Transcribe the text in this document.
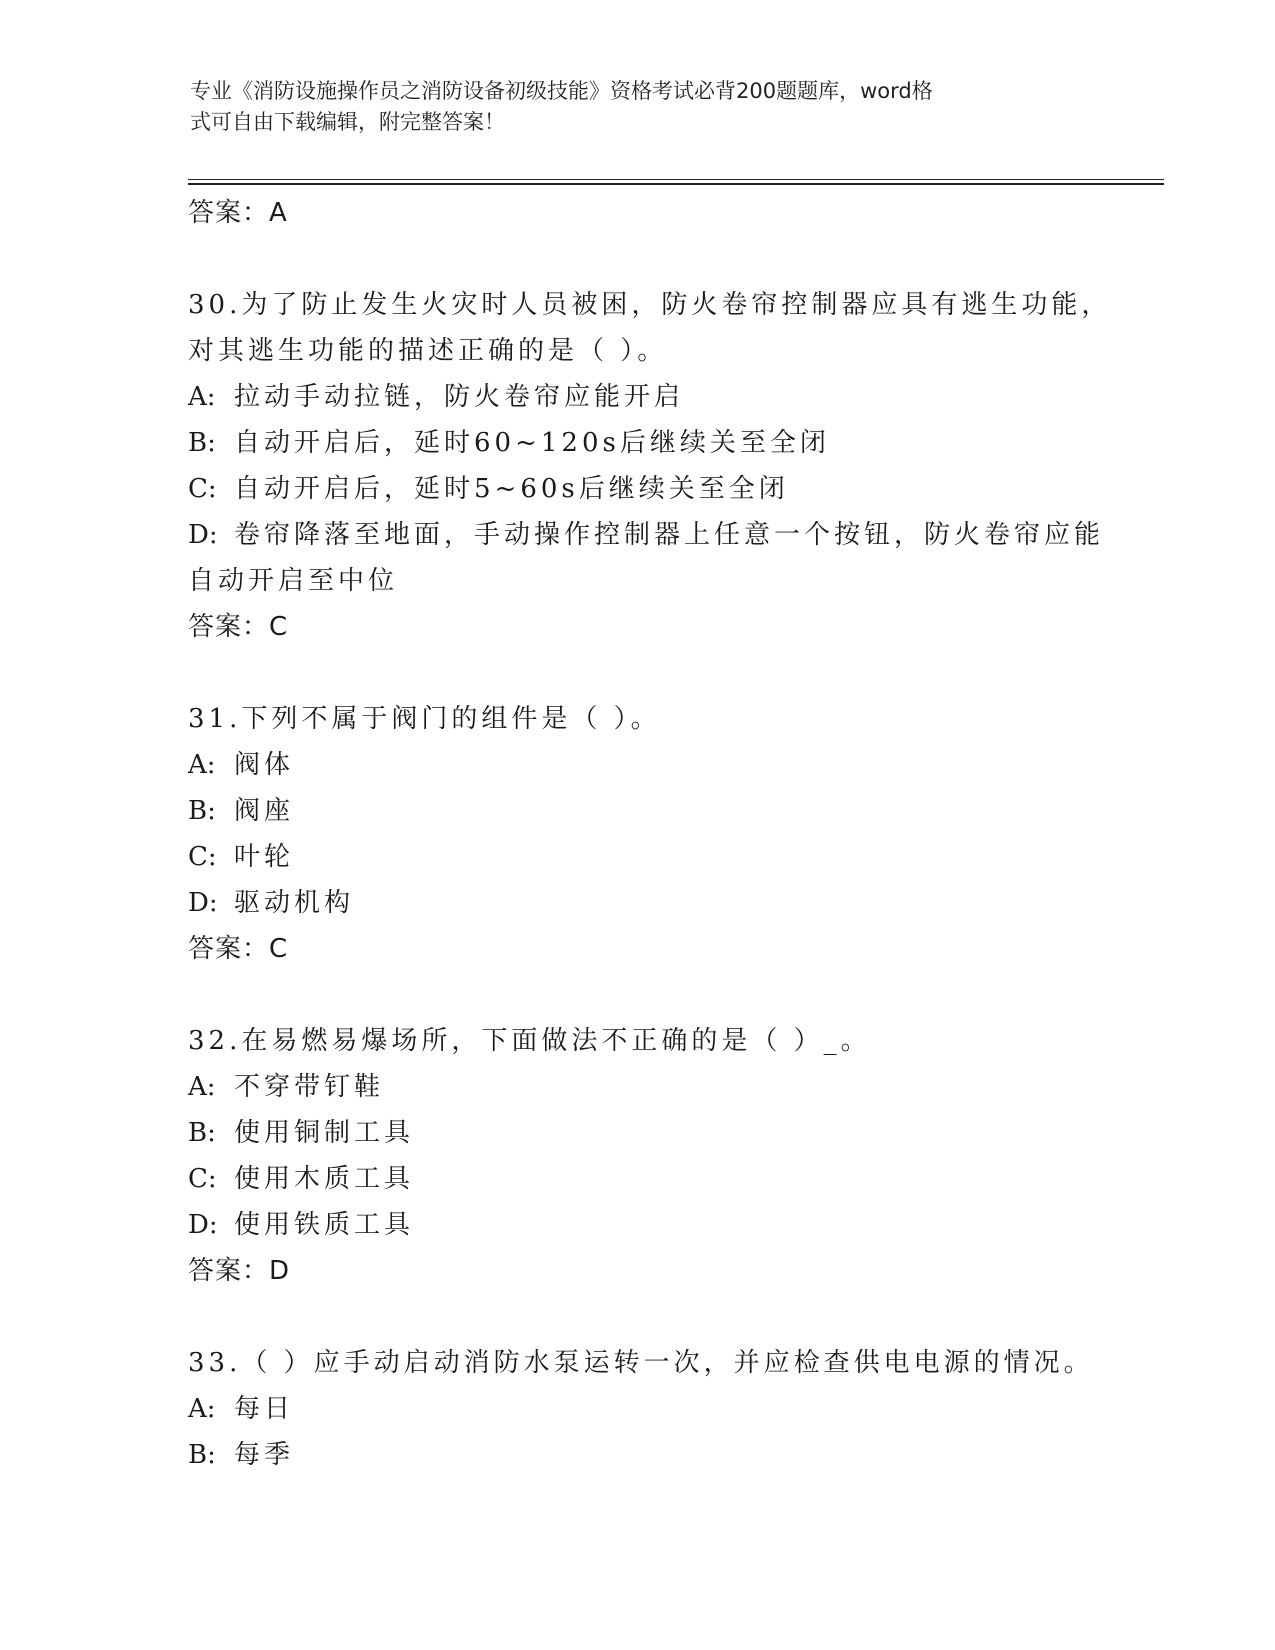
专业《消防设施操作员之消防设备初级技能》资格考试必背200题题库，word格
式可自由下载编辑，附完整答案！
答案：A
30.为了防止发生火灾时人员被困，防火卷帘控制器应具有逃生功能，
对其逃生功能的描述正确的是（ ）。
A: 拉动手动拉链，防火卷帘应能开启
B: 自动开启后，延时60~120s后继续关至全闭
C: 自动开启后，延时5~60s后继续关至全闭
D: 卷帘降落至地面，手动操作控制器上任意一个按钮，防火卷帘应能
自动开启至中位
答案：C
31.下列不属于阀门的组件是（ ）。
A: 阀体
B: 阀座
C: 叶轮
D: 驱动机构
答案：C
32.在易燃易爆场所，下面做法不正确的是（ ）_。
A: 不穿带钉鞋
B: 使用铜制工具
C: 使用木质工具
D: 使用铁质工具
答案：D
33.（ ）应手动启动消防水泵运转一次，并应检查供电电源的情况。
A: 每日
B: 每季
